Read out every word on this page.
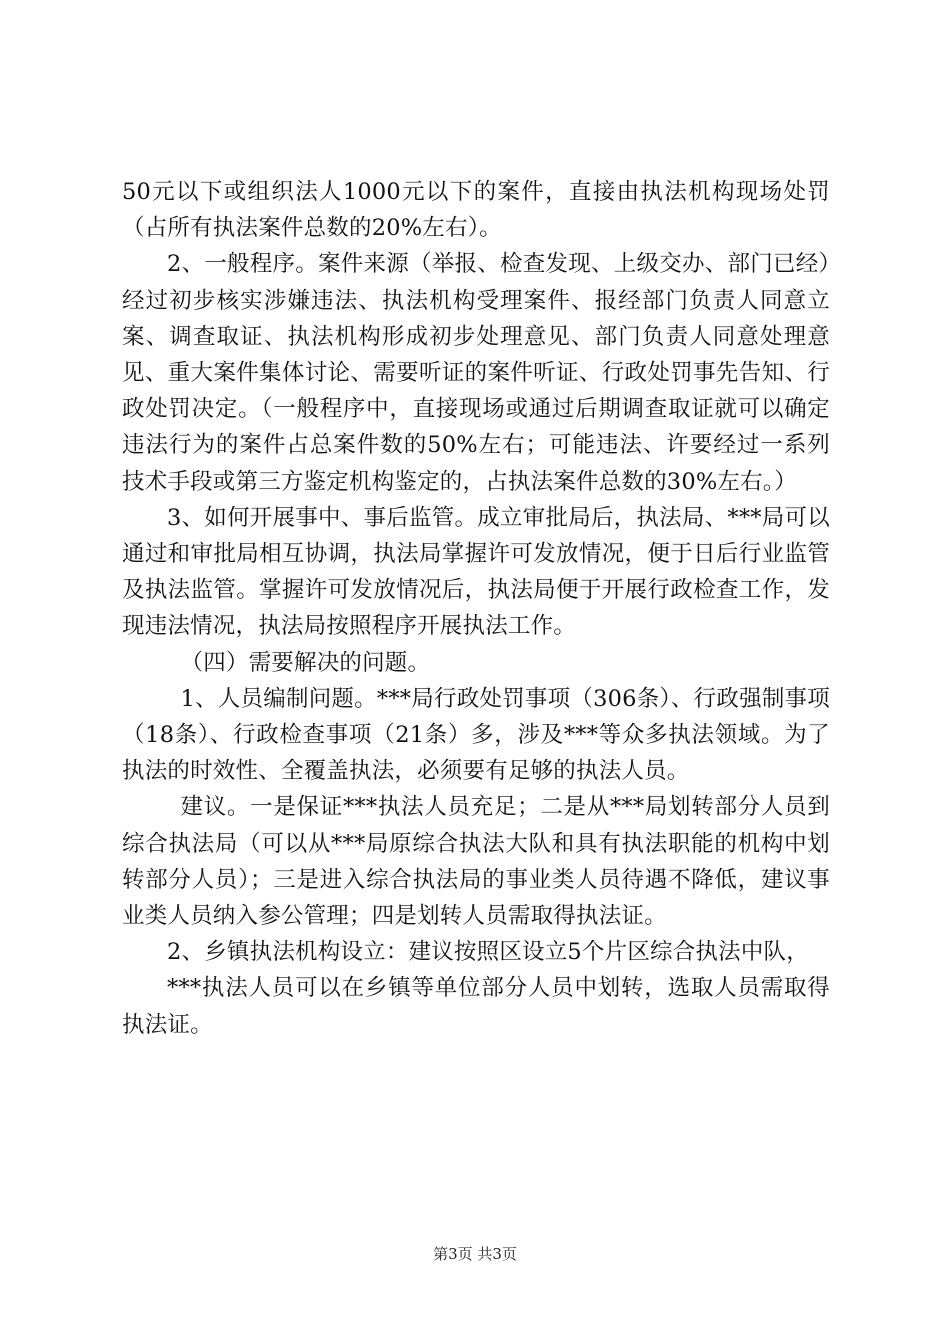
50元以下或组织法人1000元以下的案件，直接由执法机构现场处罚（占所有执法案件总数的20%左右）。

2、一般程序。案件来源（举报、检查发现、上级交办、部门已经）经过初步核实涉嫌违法、执法机构受理案件、报经部门负责人同意立案、调查取证、执法机构形成初步处理意见、部门负责人同意处理意见、重大案件集体讨论、需要听证的案件听证、行政处罚事先告知、行政处罚决定。（一般程序中，直接现场或通过后期调查取证就可以确定违法行为的案件占总案件数的50%左右；可能违法、许要经过一系列技术手段或第三方鉴定机构鉴定的，占执法案件总数的30%左右。）

3、如何开展事中、事后监管。成立审批局后，执法局、***局可以通过和审批局相互协调，执法局掌握许可发放情况，便于日后行业监管及执法监管。掌握许可发放情况后，执法局便于开展行政检查工作，发现违法情况，执法局按照程序开展执法工作。

（四）需要解决的问题。

1、人员编制问题。***局行政处罚事项（306条）、行政强制事项（18条）、行政检查事项（21条）多，涉及***等众多执法领域。为了执法的时效性、全覆盖执法，必须要有足够的执法人员。

建议。一是保证***执法人员充足；二是从***局划转部分人员到综合执法局（可以从***局原综合执法大队和具有执法职能的机构中划转部分人员）；三是进入综合执法局的事业类人员待遇不降低，建议事业类人员纳入参公管理；四是划转人员需取得执法证。

2、乡镇执法机构设立：建议按照区设立5个片区综合执法中队，

***执法人员可以在乡镇等单位部分人员中划转，选取人员需取得执法证。

第3页 共3页
